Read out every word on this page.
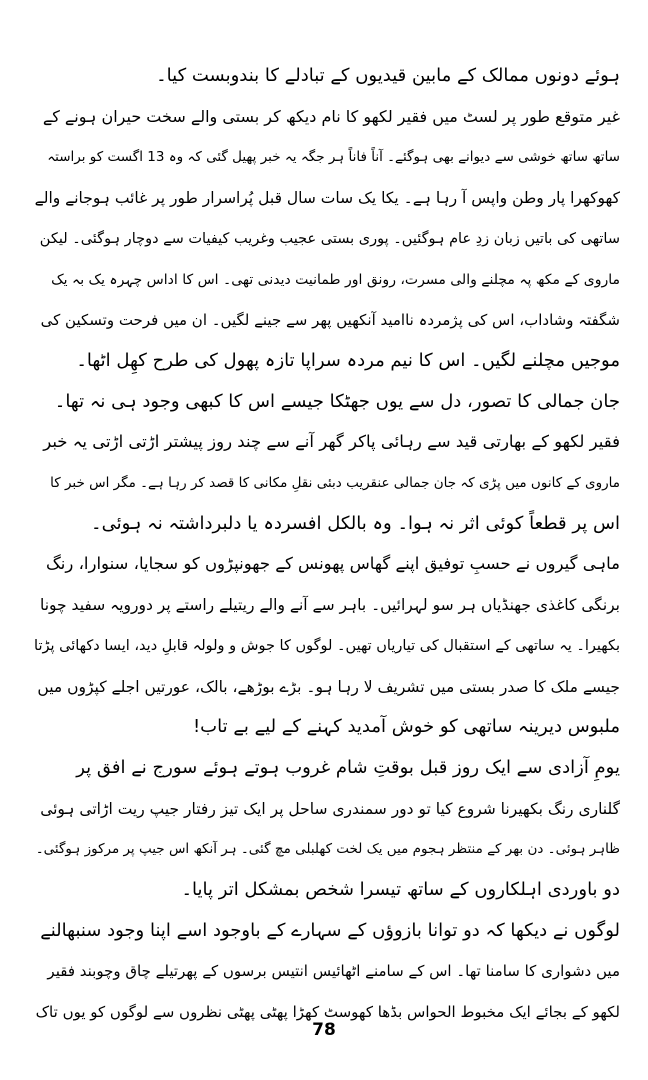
ہوئے دونوں ممالک کے مابین قیدیوں کے تبادلے کا بندوبست کیا۔
غیر متوقع طور پر لسٹ میں فقیر لکھو کا نام دیکھ کر بستی والے سخت حیران ہونے کے
ساتھ ساتھ خوشی سے دیوانے بھی ہوگئے۔ آناً فاناً ہر جگہ یہ خبر پھیل گئی کہ وہ 13 اگست کو براستہ
کھوکھرا پار وطن واپس آ رہا ہے۔ یکا یک سات سال قبل پُراسرار طور پر غائب ہوجانے والے
ساتھی کی باتیں زبان زدِ عام ہوگئیں۔ پوری بستی عجیب وغریب کیفیات سے دوچار ہوگئی۔ لیکن
ماروی کے مکھ پہ مچلنے والی مسرت، رونق اور طمانیت دیدنی تھی۔ اس کا اداس چہرہ یک بہ یک
شگفتہ وشاداب، اس کی پژمردہ ناامید آنکھیں پھر سے جینے لگیں۔ ان میں فرحت وتسکین کی
موجیں مچلنے لگیں۔ اس کا نیم مردہ سراپا تازہ پھول کی طرح کھِل اٹھا۔
جان جمالی کا تصور، دل سے یوں جھٹکا جیسے اس کا کبھی وجود ہی نہ تھا۔
فقیر لکھو کے بھارتی قید سے رہائی پاکر گھر آنے سے چند روز پیشتر اڑتی اڑتی یہ خبر
ماروی کے کانوں میں پڑی کہ جان جمالی عنقریب دبئی نقلِ مکانی کا قصد کر رہا ہے۔ مگر اس خبر کا
اس پر قطعاً کوئی اثر نہ ہوا۔ وہ بالکل افسردہ یا دلبرداشتہ نہ ہوئی۔
ماہی گیروں نے حسبِ توفیق اپنے گھاس پھونس کے جھونپڑوں کو سجایا، سنوارا، رنگ
برنگی کاغذی جھنڈیاں ہر سو لہرائیں۔ باہر سے آنے والے ریتیلے راستے پر دورویہ سفید چونا
بکھیرا۔ یہ ساتھی کے استقبال کی تیاریاں تھیں۔ لوگوں کا جوش و ولولہ قابلِ دید، ایسا دکھائی پڑتا
جیسے ملک کا صدر بستی میں تشریف لا رہا ہو۔ بڑے بوڑھے، بالک، عورتیں اجلے کپڑوں میں
ملبوس دیرینہ ساتھی کو خوش آمدید کہنے کے لیے بے تاب!
یومِ آزادی سے ایک روز قبل بوقتِ شام غروب ہوتے ہوئے سورج نے افق پر
گلناری رنگ بکھیرنا شروع کیا تو دور سمندری ساحل پر ایک تیز رفتار جیپ ریت اڑاتی ہوئی
ظاہر ہوئی۔ دن بھر کے منتظر ہجوم میں یک لخت کھلبلی مچ گئی۔ ہر آنکھ اس جیپ پر مرکوز ہوگئی۔
دو باوردی اہلکاروں کے ساتھ تیسرا شخص بمشکل اتر پایا۔
لوگوں نے دیکھا کہ دو توانا بازوؤں کے سہارے کے باوجود اسے اپنا وجود سنبھالنے
میں دشواری کا سامنا تھا۔ اس کے سامنے اٹھائیس انتیس برسوں کے پھرتیلے چاق وچوبند فقیر
لکھو کے بجائے ایک مخبوط الحواس بڈھا کھوسٹ کھڑا پھٹی پھٹی نظروں سے لوگوں کو یوں تاک
78
